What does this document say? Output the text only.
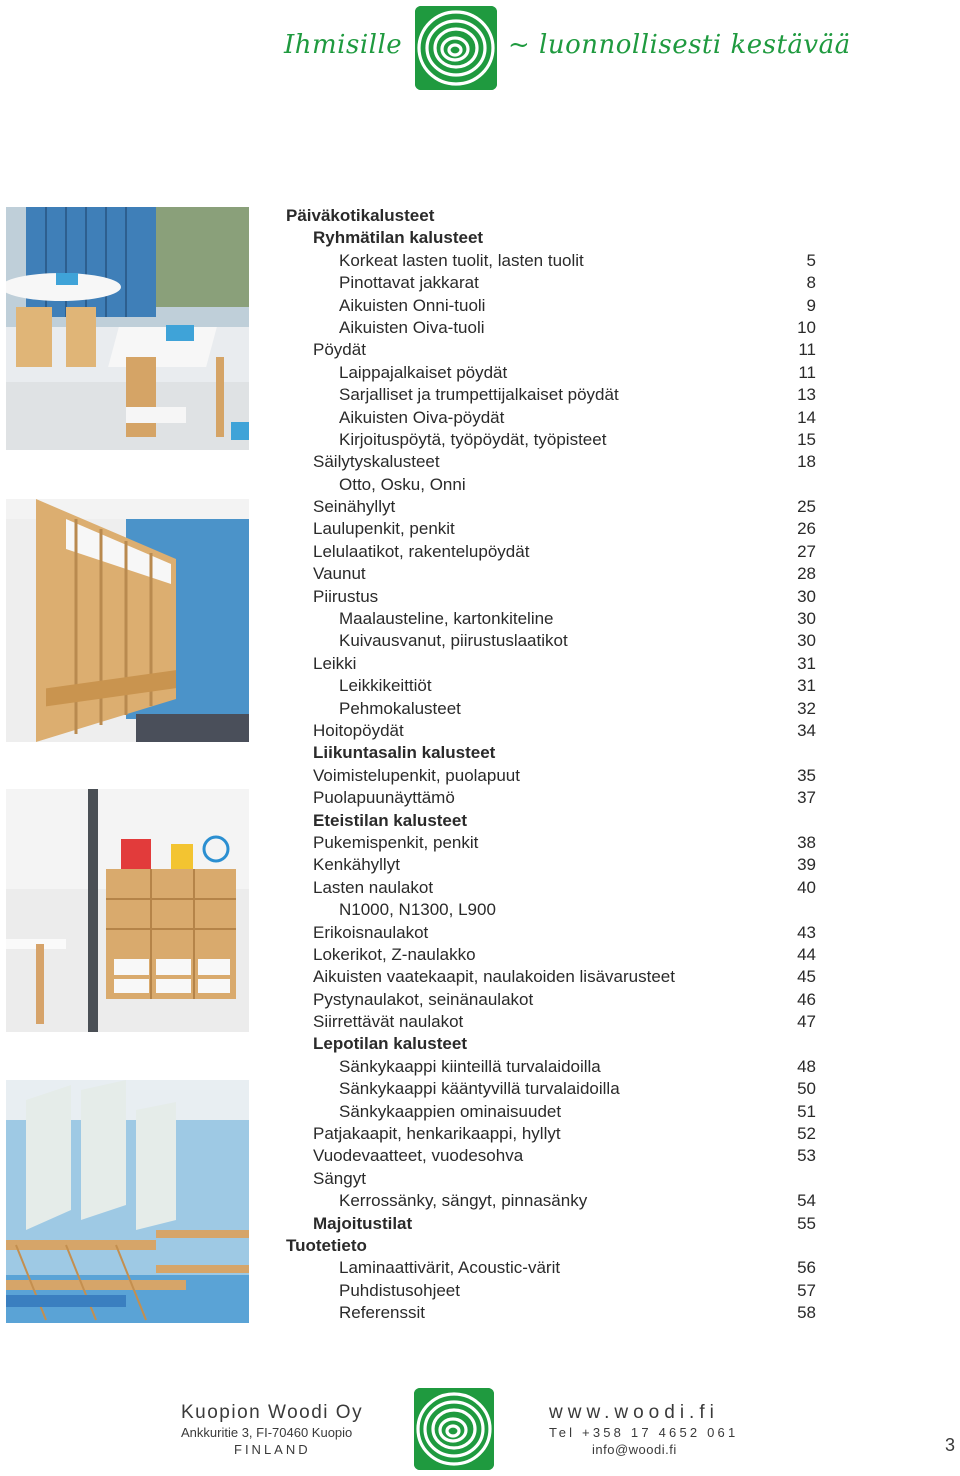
Ihmisille	~ luonnollisesti kestävää
Päiväkotikalusteet
Ryhmätilan kalusteet
Korkeat lasten tuolit, lasten tuolit	5
Pinottavat jakkarat	8
Aikuisten Onni-tuoli	9
Aikuisten Oiva-tuoli	10
Pöydät	11
Laippajalkaiset pöydät	11
Sarjalliset ja trumpettijalkaiset pöydät	13
Aikuisten Oiva-pöydät	14
Kirjoituspöytä, työpöydät, työpisteet	15
Säilytyskalusteet	18
Otto, Osku, Onni
Seinähyllyt	25
Laulupenkit, penkit	26
Lelulaatikot, rakentelupöydät	27
Vaunut	28
Piirustus	30
Maalausteline, kartonkiteline	30
Kuivausvanut, piirustuslaatikot	30
Leikki	31
Leikkikeittiöt	31
Pehmokalusteet	32
Hoitopöydät	34
Liikuntasalin kalusteet
Voimistelupenkit, puolapuut	35
Puolapuunäyttämö	37
Eteistilan kalusteet
Pukemispenkit, penkit	38
Kenkähyllyt	39
Lasten naulakot	40
N1000, N1300, L900
Erikoisnaulakot	43
Lokerikot, Z-naulakko	44
Aikuisten vaatekaapit, naulakoiden lisävarusteet	45
Pystynaulakot, seinänaulakot	46
Siirrettävät naulakot	47
Lepotilan kalusteet
Sänkykaappi kiinteillä turvalaidoilla	48
Sänkykaappi kääntyvillä turvalaidoilla	50
Sänkykaappien ominaisuudet	51
Patjakaapit, henkarikaappi, hyllyt	52
Vuodevaatteet, vuodesohva	53
Sängyt
Kerrossänky, sängyt, pinnasänky	54
Majoitustilat	55
Tuotetieto
Laminaattivärit, Acoustic-värit	56
Puhdistusohjeet	57
Referenssit	58
Kuopion Woodi Oy
Ankkuritie 3, FI-70460 Kuopio
FINLAND
www.woodi.fi
Tel +358 17 4652 061
info@woodi.fi	3
